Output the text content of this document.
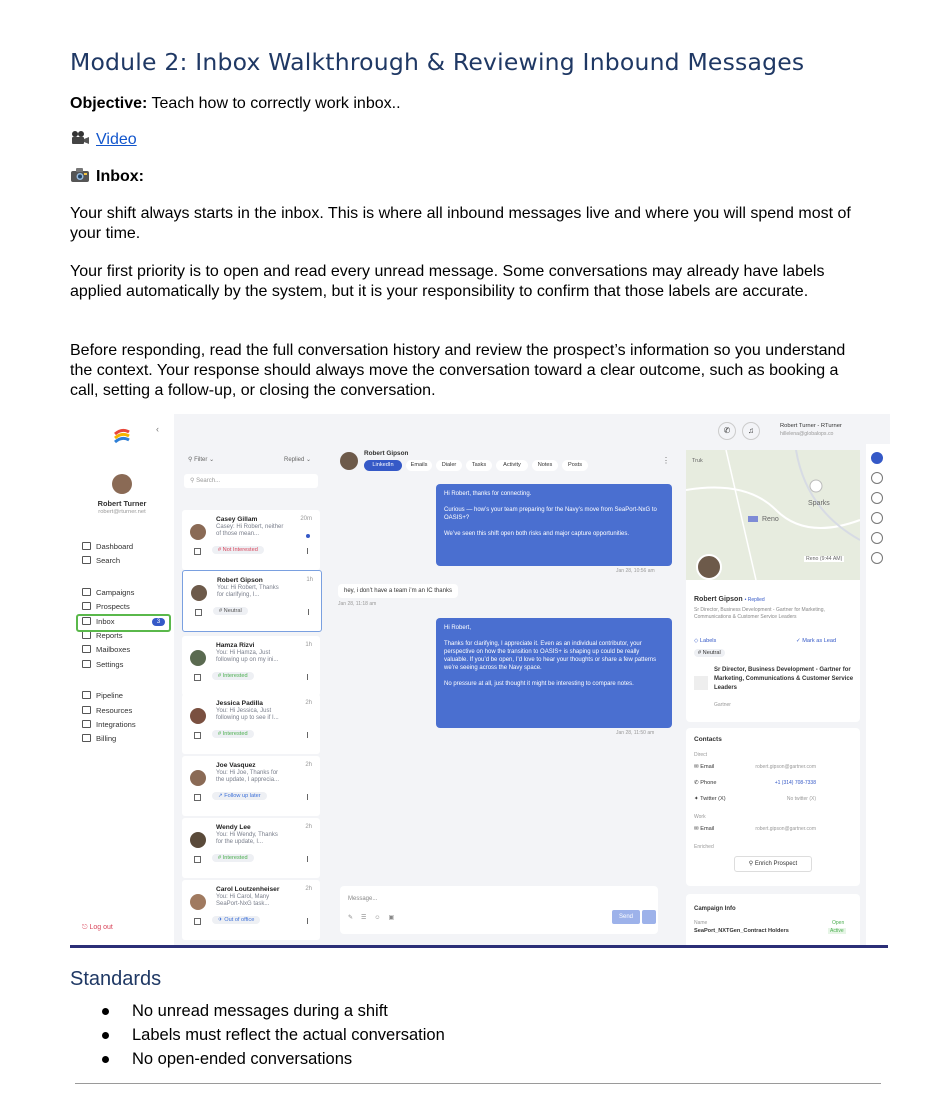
Module 2: Inbox Walkthrough & Reviewing Inbound Messages
Objective: Teach how to correctly work inbox..
Video
Inbox:
Your shift always starts in the inbox. This is where all inbound messages live and where you will spend most of your time.
Your first priority is to open and read every unread message. Some conversations may already have labels applied automatically by the system, but it is your responsibility to confirm that those labels are accurate.
Before responding, read the full conversation history and review the prospect’s information so you understand the context. Your response should always move the conversation toward a clear outcome, such as booking a call, setting a follow-up, or closing the conversation.
‹
Robert Turner
robert@rturner.net
Dashboard
Search
Campaigns
Prospects
Inbox
Reports
Mailboxes
Settings
Pipeline
Resources
Integrations
Billing
3
⎋ Log out
✆	♫	Robert Turner - RTurner
hillelena@globalops.co
⚲ Filter ⌄	Replied ⌄
⚲ Search...
Casey Gillam	20m
Casey: Hi Robert, neither of those mean...
# Not Interested
Robert Gipson	1h
You: Hi Robert, Thanks for clarifying, I...
# Neutral
Hamza Rizvi	1h
You: Hi Hamza, Just following up on my ini...
# Interested
Jessica Padilla	2h
You: Hi Jessica, Just following up to see if I...
# Interested
Joe Vasquez	2h
You: Hi Joe, Thanks for the update, I apprecia...
↗ Follow up later
Wendy Lee	2h
You: Hi Wendy, Thanks for the update, I...
# Interested
Carol Loutzenheiser	2h
You: Hi Carol, Many SeaPort-NxG task...
✈ Out of office
Robert Gipson
LinkedIn	Emails	Dialer	Tasks	Activity	Notes	Posts	⋮
Hi Robert, thanks for connecting.

Curious — how’s your team preparing for the Navy’s move from SeaPort-NxG to OASIS+?

We’ve seen this shift open both risks and major capture opportunities.
Jan 28, 10:56 am
hey, i don’t have a team i’m an IC thanks
Jan 28, 11:18 am
Hi Robert,

Thanks for clarifying, I appreciate it. Even as an individual contributor, your perspective on how the transition to OASIS+ is shaping up could be really valuable. If you’d be open, I’d love to hear your thoughts or share a few patterns we’re seeing across the Navy space.

No pressure at all, just thought it might be interesting to compare notes.
Jan 28, 11:50 am
Message...
✎☰☺▣	Send
Truk
Sparks
Reno
Reno (9:44 AM)
Robert Gipson • Replied
Sr Director, Business Development - Gartner for Marketing, Communications & Customer Service Leaders
◇ Labels	✓ Mark as Lead
# Neutral
Sr Director, Business Development - Gartner for Marketing, Communications & Customer Service Leaders
Gartner
Contacts
Direct
✉ Email	robert.gipson@gartner.com
✆ Phone	+1 (314) 708-7338
✦ Twitter (X)	No twitter (X)
Work
✉ Email	robert.gipson@gartner.com
Enriched
⚲ Enrich Prospect
Campaign Info
Name	Open
SeaPort_NXTGen_Contract Holders	Active
Standards
No unread messages during a shift
Labels must reflect the actual conversation
No open-ended conversations
